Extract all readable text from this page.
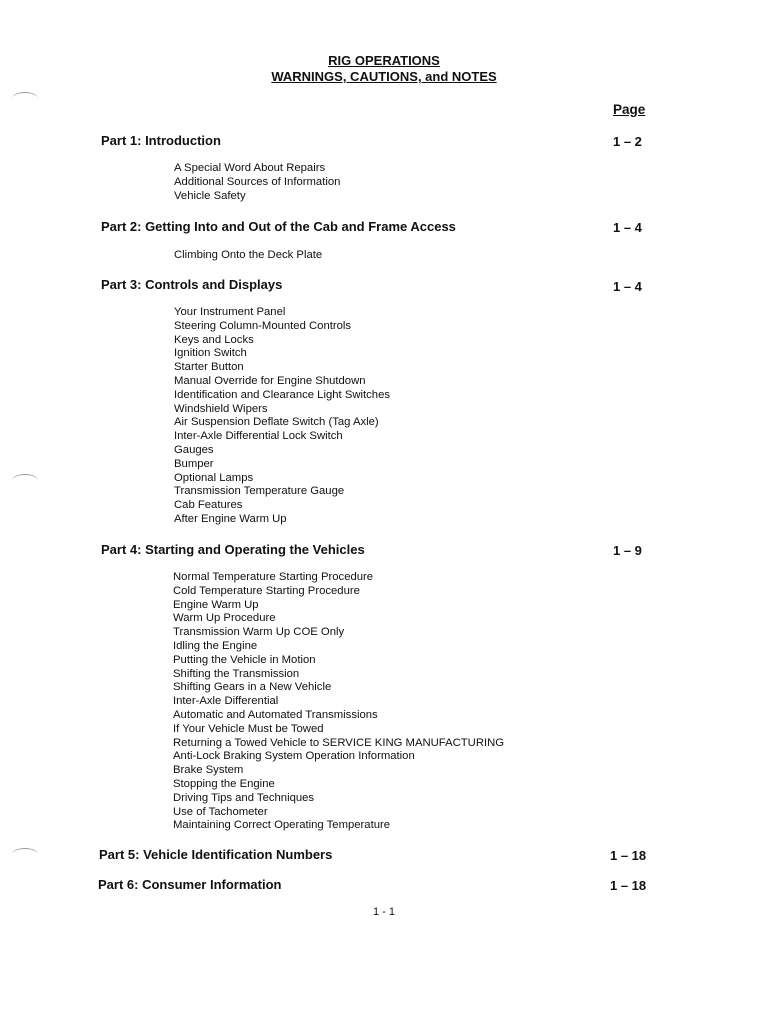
RIG OPERATIONS
WARNINGS, CAUTIONS, and NOTES
Page
Part 1: Introduction	1 – 2
A Special Word About Repairs
Additional Sources of Information
Vehicle Safety
Part 2: Getting Into and Out of the Cab and Frame Access	1 – 4
Climbing Onto the Deck Plate
Part 3: Controls and Displays	1 – 4
Your Instrument Panel
Steering Column-Mounted Controls
Keys and Locks
Ignition Switch
Starter Button
Manual Override for Engine Shutdown
Identification and Clearance Light Switches
Windshield Wipers
Air Suspension Deflate Switch (Tag Axle)
Inter-Axle Differential Lock Switch
Gauges
Bumper
Optional Lamps
Transmission Temperature Gauge
Cab Features
After Engine Warm Up
Part 4: Starting and Operating the Vehicles	1 – 9
Normal Temperature Starting Procedure
Cold Temperature Starting Procedure
Engine Warm Up
Warm Up Procedure
Transmission Warm Up COE Only
Idling the Engine
Putting the Vehicle in Motion
Shifting the Transmission
Shifting Gears in a New Vehicle
Inter-Axle Differential
Automatic and Automated Transmissions
If Your Vehicle Must be Towed
Returning a Towed Vehicle to SERVICE KING MANUFACTURING
Anti-Lock Braking System Operation Information
Brake System
Stopping the Engine
Driving Tips and Techniques
Use of Tachometer
Maintaining Correct Operating Temperature
Part 5: Vehicle Identification Numbers	1 – 18
Part 6: Consumer Information	1 – 18
1 - 1
